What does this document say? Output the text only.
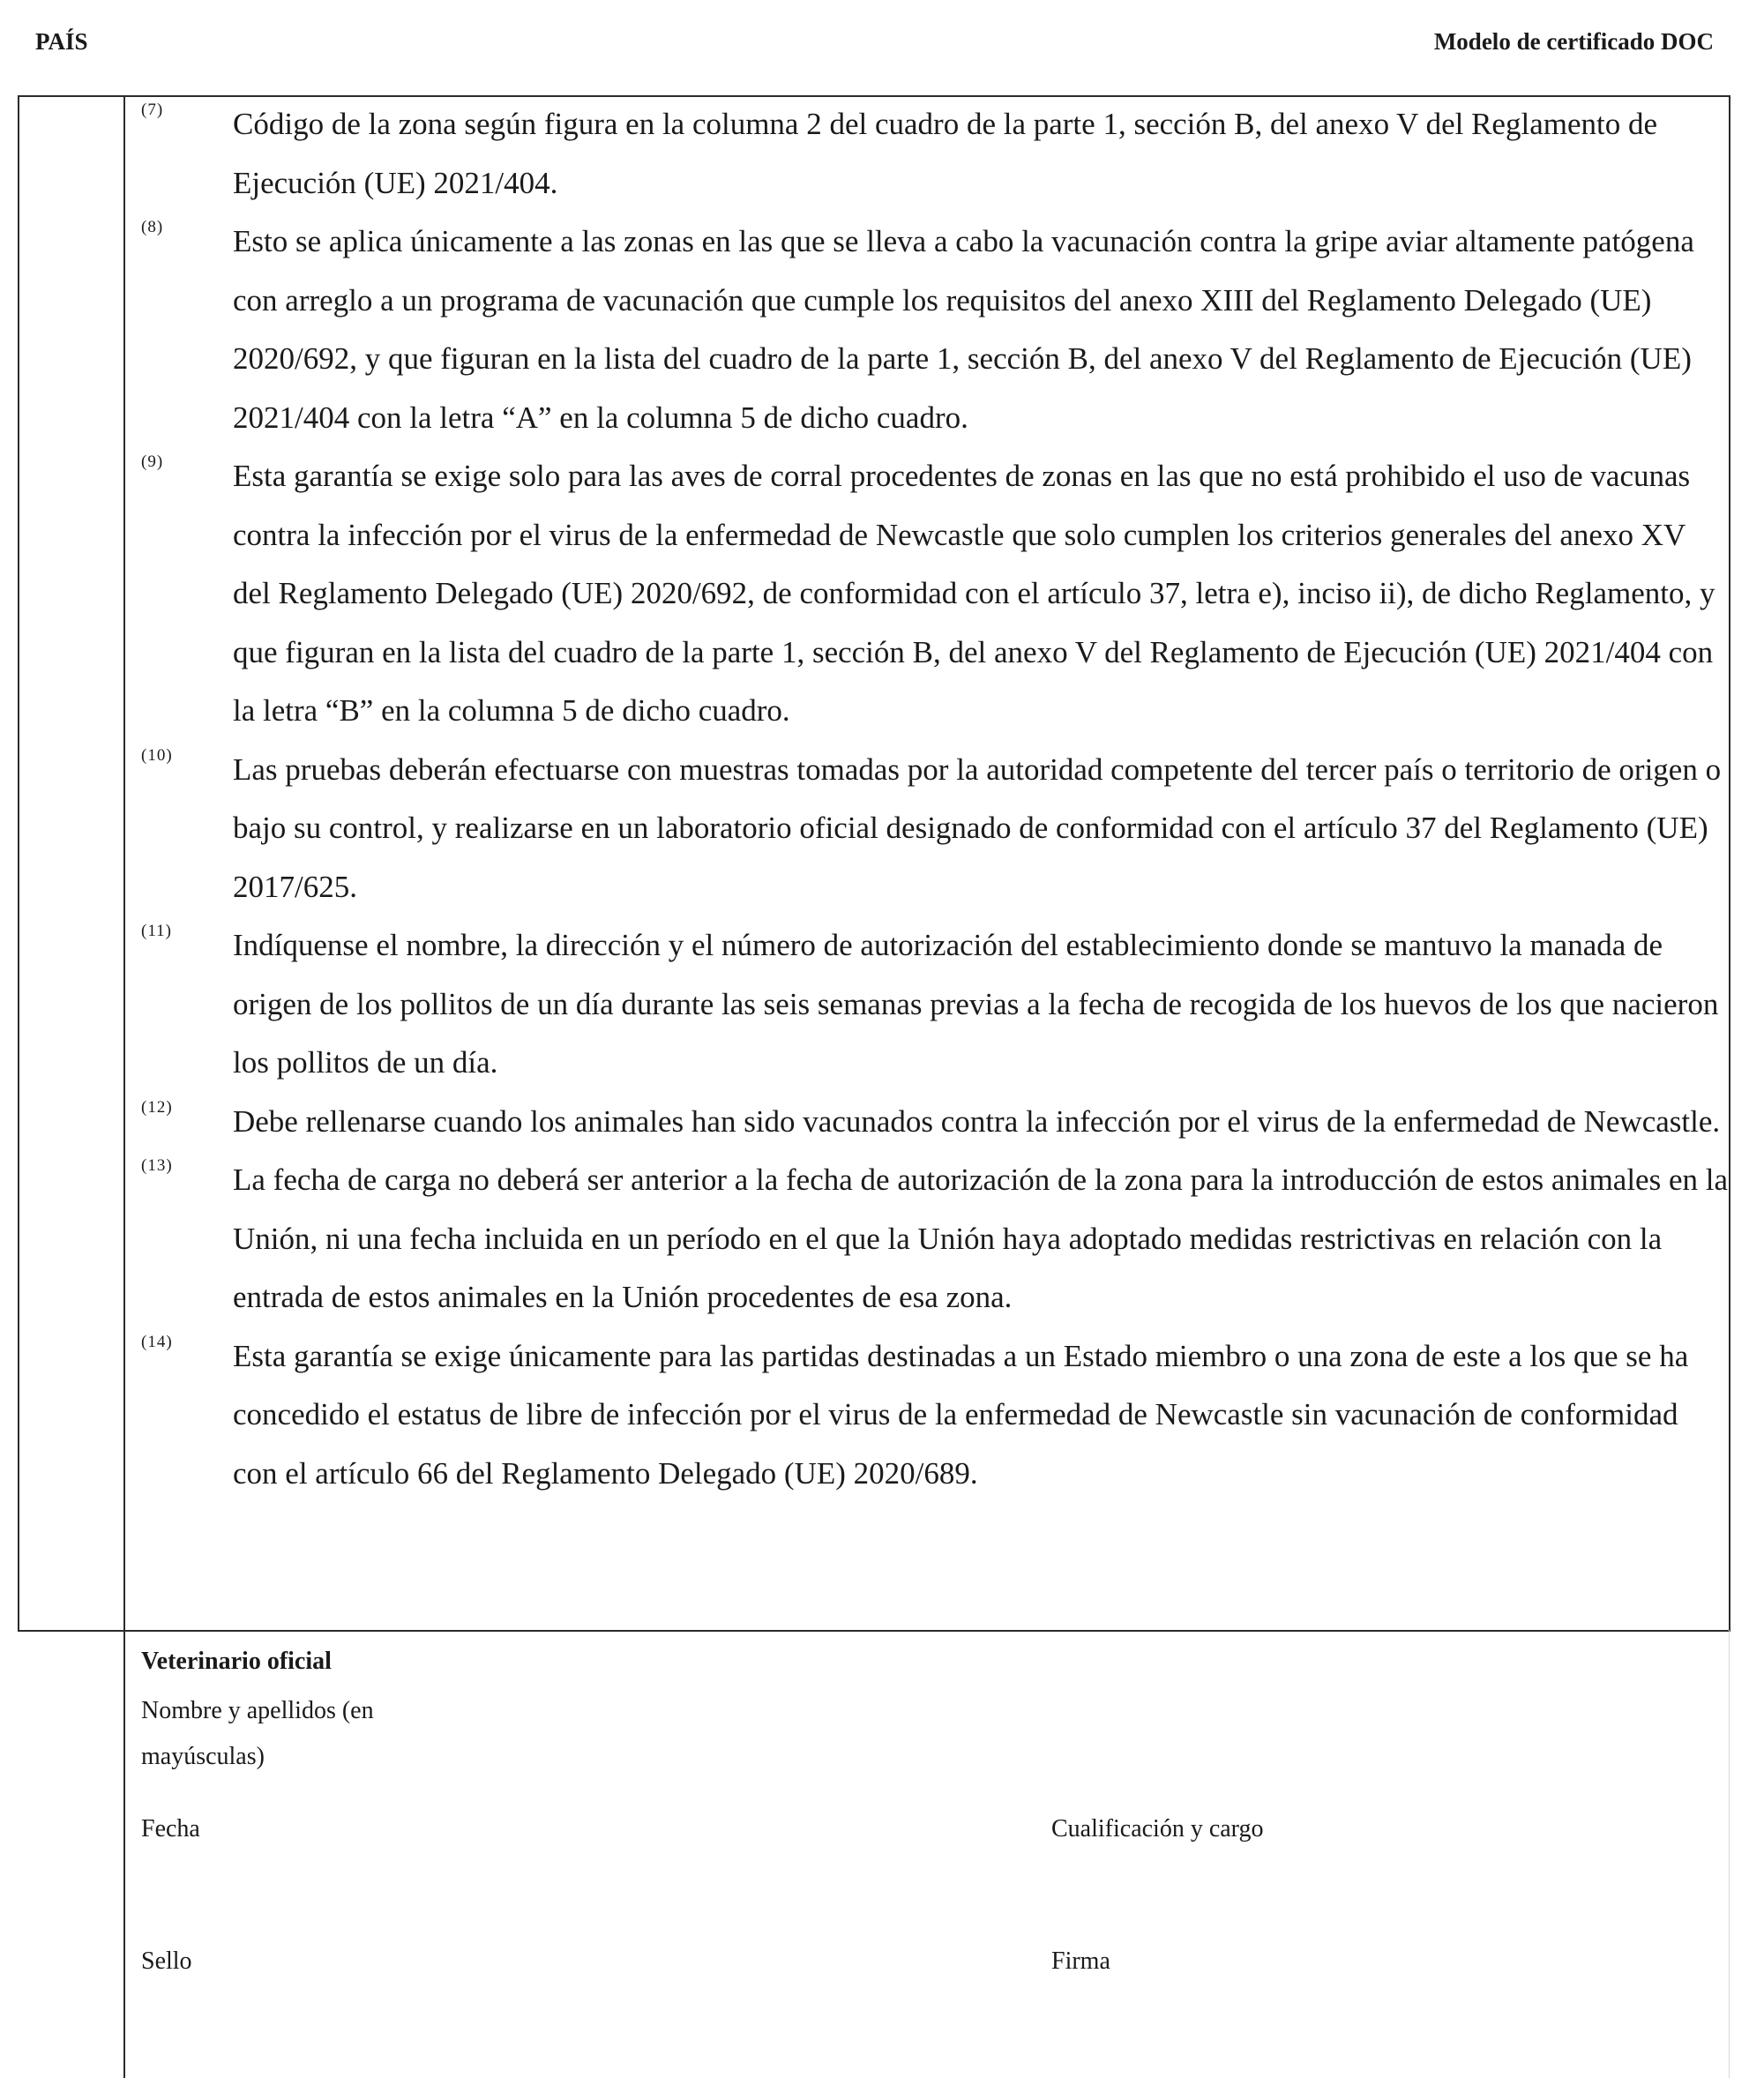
PAÍS	Modelo de certificado DOC
(7) Código de la zona según figura en la columna 2 del cuadro de la parte 1, sección B, del anexo V del Reglamento de Ejecución (UE) 2021/404.

(8) Esto se aplica únicamente a las zonas en las que se lleva a cabo la vacunación contra la gripe aviar altamente patógena con arreglo a un programa de vacunación que cumple los requisitos del anexo XIII del Reglamento Delegado (UE) 2020/692, y que figuran en la lista del cuadro de la parte 1, sección B, del anexo V del Reglamento de Ejecución (UE) 2021/404 con la letra “A” en la columna 5 de dicho cuadro.

(9) Esta garantía se exige solo para las aves de corral procedentes de zonas en las que no está prohibido el uso de vacunas contra la infección por el virus de la enfermedad de Newcastle que solo cumplen los criterios generales del anexo XV del Reglamento Delegado (UE) 2020/692, de conformidad con el artículo 37, letra e), inciso ii), de dicho Reglamento, y que figuran en la lista del cuadro de la parte 1, sección B, del anexo V del Reglamento de Ejecución (UE) 2021/404 con la letra “B” en la columna 5 de dicho cuadro.

(10) Las pruebas deberán efectuarse con muestras tomadas por la autoridad competente del tercer país o territorio de origen o bajo su control, y realizarse en un laboratorio oficial designado de conformidad con el artículo 37 del Reglamento (UE) 2017/625.

(11) Indíquense el nombre, la dirección y el número de autorización del establecimiento donde se mantuvo la manada de origen de los pollitos de un día durante las seis semanas previas a la fecha de recogida de los huevos de los que nacieron los pollitos de un día.

(12) Debe rellenarse cuando los animales han sido vacunados contra la infección por el virus de la enfermedad de Newcastle.

(13) La fecha de carga no deberá ser anterior a la fecha de autorización de la zona para la introducción de estos animales en la Unión, ni una fecha incluida en un período en el que la Unión haya adoptado medidas restrictivas en relación con la entrada de estos animales en la Unión procedentes de esa zona.

(14) Esta garantía se exige únicamente para las partidas destinadas a un Estado miembro o una zona de este a los que se ha concedido el estatus de libre de infección por el virus de la enfermedad de Newcastle sin vacunación de conformidad con el artículo 66 del Reglamento Delegado (UE) 2020/689.

Veterinario oficial
Nombre y apellidos (en mayúsculas)
Fecha	Cualificación y cargo
Sello	Firma
